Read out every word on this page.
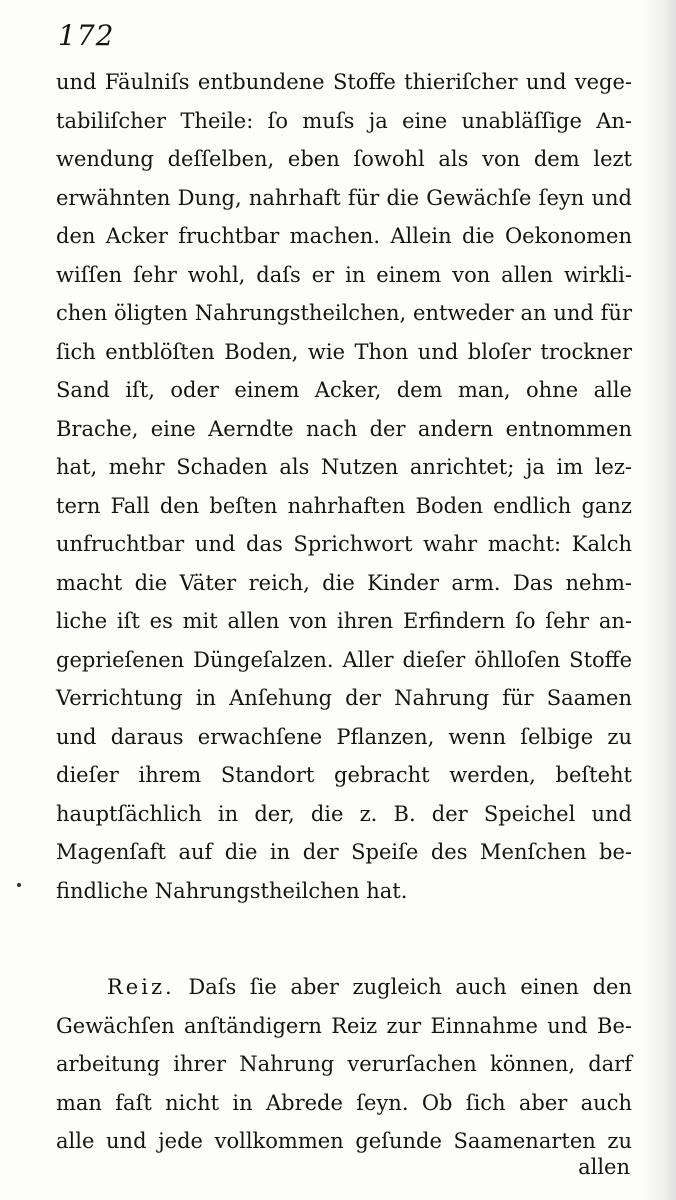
172
und Fäulniſs entbundene Stoffe thieriſcher und vege-
tabiliſcher Theile: ſo muſs ja eine unabläſſige An-
wendung deſſelben, eben ſowohl als von dem lezt
erwähnten Dung, nahrhaft für die Gewächſe ſeyn und
den Acker fruchtbar machen. Allein die Oekonomen
wiſſen ſehr wohl, daſs er in einem von allen wirkli-
chen öligten Nahrungstheilchen, entweder an und für
ſich entblöſten Boden, wie Thon und bloſer trockner
Sand iſt, oder einem Acker, dem man, ohne alle
Brache, eine Aerndte nach der andern entnommen
hat, mehr Schaden als Nutzen anrichtet; ja im lez-
tern Fall den beſten nahrhaften Boden endlich ganz
unfruchtbar und das Sprichwort wahr macht: Kalch
macht die Väter reich, die Kinder arm. Das nehm-
liche iſt es mit allen von ihren Erfindern ſo ſehr an-
geprieſenen Düngeſalzen. Aller dieſer öhlloſen Stoffe
Verrichtung in Anſehung der Nahrung für Saamen
und daraus erwachſene Pflanzen, wenn ſelbige zu
dieſer ihrem Standort gebracht werden, beſteht
hauptſächlich in der, die z. B. der Speichel und
Magenſaft auf die in der Speiſe des Menſchen be-
findliche Nahrungstheilchen hat.
Reiz. Daſs ſie aber zugleich auch einen den
Gewächſen anſtändigern Reiz zur Einnahme und Be-
arbeitung ihrer Nahrung verurſachen können, darf
man faſt nicht in Abrede ſeyn. Ob ſich aber auch
alle und jede vollkommen geſunde Saamenarten zu
allen
